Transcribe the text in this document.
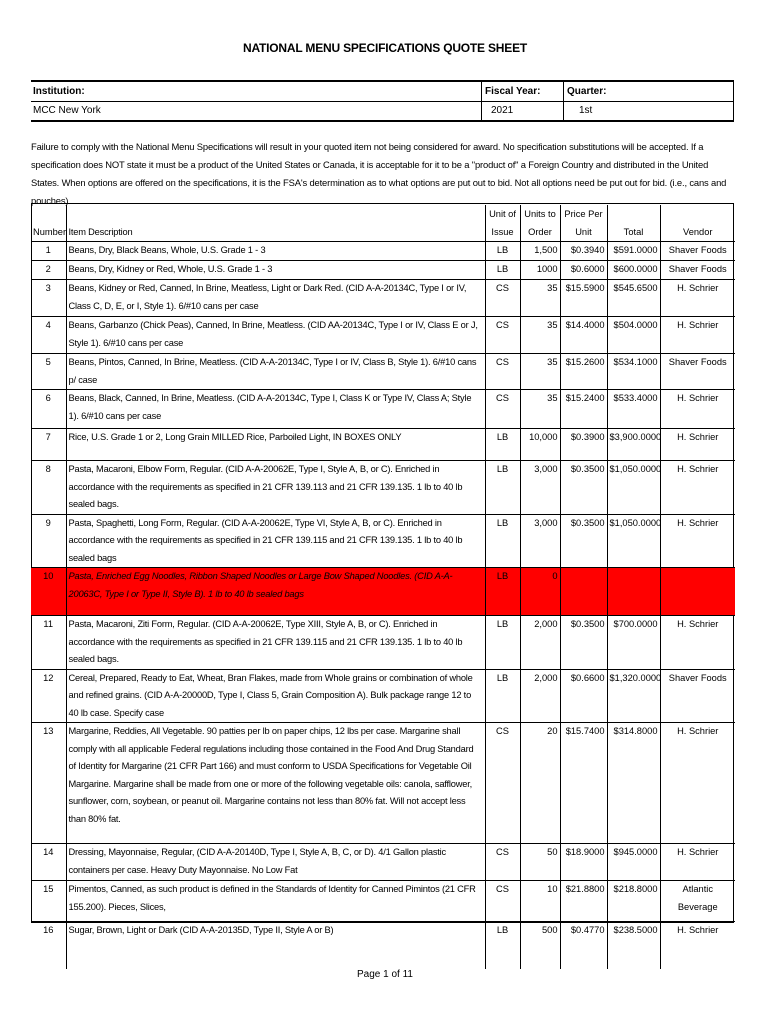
NATIONAL MENU SPECIFICATIONS QUOTE SHEET
Institution:
MCC New York
Fiscal Year:
2021
Quarter:
1st
Failure to comply with the National Menu Specifications will result in your quoted item not being considered for award. No specification substitutions will be accepted. If a specification does NOT state it must be a product of the United States or Canada, it is acceptable for it to be a "product of" a Foreign Country and distributed in the United States. When options are offered on the specifications, it is the FSA's determination as to what options are put out to bid. Not all options need be put out for bid. (i.e., cans and pouches)
Number	Item Description	Unit of Issue	Units to Order	Price Per Unit	Total	Vendor
1	Beans, Dry, Black Beans, Whole, U.S. Grade 1 - 3	LB	1,500	$0.3940	$591.0000	Shaver Foods
2	Beans, Dry, Kidney or Red, Whole, U.S. Grade 1 - 3	LB	1000	$0.6000	$600.0000	Shaver Foods
3	Beans, Kidney or Red, Canned, In Brine, Meatless, Light or Dark Red. (CID A-A-20134C, Type I or IV, Class C, D, E, or I, Style 1). 6/#10 cans per case	CS	35	$15.5900	$545.6500	H. Schrier
4	Beans, Garbanzo (Chick Peas), Canned, In Brine, Meatless. (CID AA-20134C, Type I or IV, Class E or J, Style 1). 6/#10 cans per case	CS	35	$14.4000	$504.0000	H. Schrier
5	Beans, Pintos, Canned, In Brine, Meatless. (CID A-A-20134C, Type I or IV, Class B, Style 1). 6/#10 cans p/ case	CS	35	$15.2600	$534.1000	Shaver Foods
6	Beans, Black, Canned, In Brine, Meatless. (CID A-A-20134C, Type I, Class K or Type IV, Class A; Style 1). 6/#10 cans per case	CS	35	$15.2400	$533.4000	H. Schrier
7	Rice, U.S. Grade 1 or 2, Long Grain MILLED Rice, Parboiled Light, IN BOXES ONLY	LB	10,000	$0.3900	$3,900.0000	H. Schrier
8	Pasta, Macaroni, Elbow Form, Regular. (CID A-A-20062E, Type I, Style A, B, or C). Enriched in accordance with the requirements as specified in 21 CFR 139.113 and 21 CFR 139.135. 1 lb to 40 lb sealed bags.	LB	3,000	$0.3500	$1,050.0000	H. Schrier
9	Pasta, Spaghetti, Long Form, Regular. (CID A-A-20062E, Type VI, Style A, B, or C). Enriched in accordance with the requirements as specified in 21 CFR 139.115 and 21 CFR 139.135. 1 lb to 40 lb sealed bags	LB	3,000	$0.3500	$1,050.0000	H. Schrier
10	Pasta, Enriched Egg Noodles, Ribbon Shaped Noodles or Large Bow Shaped Noodles. (CID A-A-20063C, Type I or Type II, Style B). 1 lb to 40 lb sealed bags	LB	0			
11	Pasta, Macaroni, Ziti Form, Regular. (CID A-A-20062E, Type XIII, Style A, B, or C). Enriched in accordance with the requirements as specified in 21 CFR 139.115 and 21 CFR 139.135. 1 lb to 40 lb sealed bags.	LB	2,000	$0.3500	$700.0000	H. Schrier
12	Cereal, Prepared, Ready to Eat, Wheat, Bran Flakes, made from Whole grains or combination of whole and refined grains. (CID A-A-20000D, Type I, Class 5, Grain Composition A). Bulk package range 12 to 40 lb case. Specify case	LB	2,000	$0.6600	$1,320.0000	Shaver Foods
13	Margarine, Reddies, All Vegetable. 90 patties per lb on paper chips, 12 lbs per case. Margarine shall comply with all applicable Federal regulations including those contained in the Food And Drug Standard of Identity for Margarine (21 CFR Part 166) and must conform to USDA Specifications for Vegetable Oil Margarine. Margarine shall be made from one or more of the following vegetable oils: canola, safflower, sunflower, corn, soybean, or peanut oil. Margarine contains not less than 80% fat. Will not accept less than 80% fat.	CS	20	$15.7400	$314.8000	H. Schrier
14	Dressing, Mayonnaise, Regular, (CID A-A-20140D, Type I, Style A, B, C, or D). 4/1 Gallon plastic containers per case. Heavy Duty Mayonnaise. No Low Fat	CS	50	$18.9000	$945.0000	H. Schrier
15	Pimentos, Canned, as such product is defined in the Standards of Identity for Canned Pimintos (21 CFR 155.200). Pieces, Slices,	CS	10	$21.8800	$218.8000	Atlantic Beverage
16	Sugar, Brown, Light or Dark (CID A-A-20135D, Type II, Style A or B)	LB	500	$0.4770	$238.5000	H. Schrier
Page 1 of 11
